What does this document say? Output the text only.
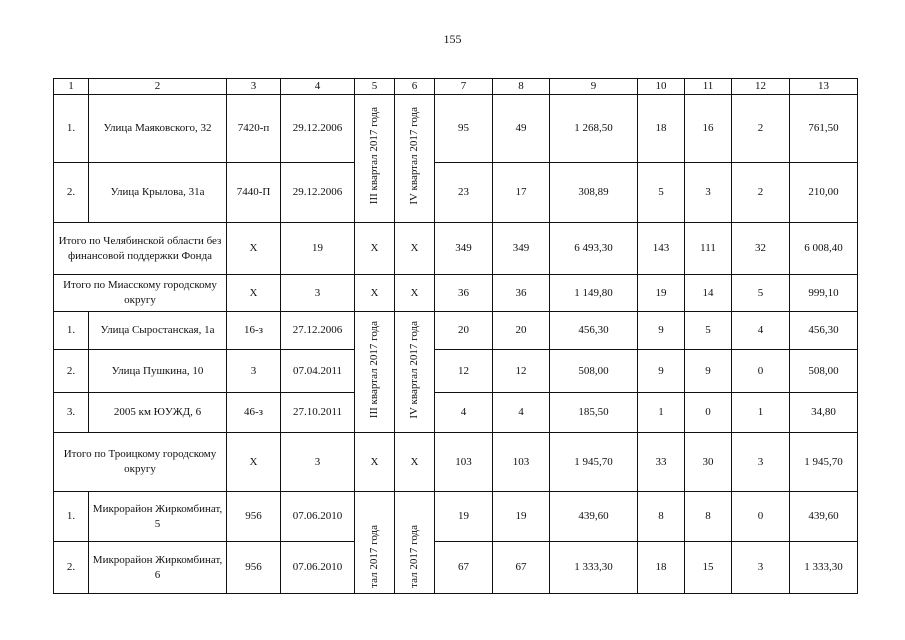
155
1	2	3	4	5	6	7	8	9	10	11	12	13
1.	Улица Маяковского, 32	7420-п	29.12.2006	III квартал 2017 года	IV квартал 2017 года	95	49	1 268,50	18	16	2	761,50
2.	Улица Крылова, 31а	7440-П	29.12.2006			23	17	308,89	5	3	2	210,00
Итого по Челябинской области без финансовой поддержки Фонда		Х	19	Х	Х	349	349	6 493,30	143	111	32	6 008,40
Итого по Миасскому городскому округу		Х	3	Х	Х	36	36	1 149,80	19	14	5	999,10
1.	Улица Сыростанская, 1а	16-з	27.12.2006	III квартал 2017 года	IV квартал 2017 года	20	20	456,30	9	5	4	456,30
2.	Улица Пушкина, 10	3	07.04.2011			12	12	508,00	9	9	0	508,00
3.	2005 км ЮУЖД, 6	46-з	27.10.2011			4	4	185,50	1	0	1	34,80
Итого по Троицкому городскому округу		Х	3	Х	Х	103	103	1 945,70	33	30	3	1 945,70
1.	Микрорайон Жиркомбинат, 5	956	07.06.2010	тал 2017 года	тал 2017 года	19	19	439,60	8	8	0	439,60
2.	Микрорайон Жиркомбинат, 6	956	07.06.2010			67	67	1 333,30	18	15	3	1 333,30
